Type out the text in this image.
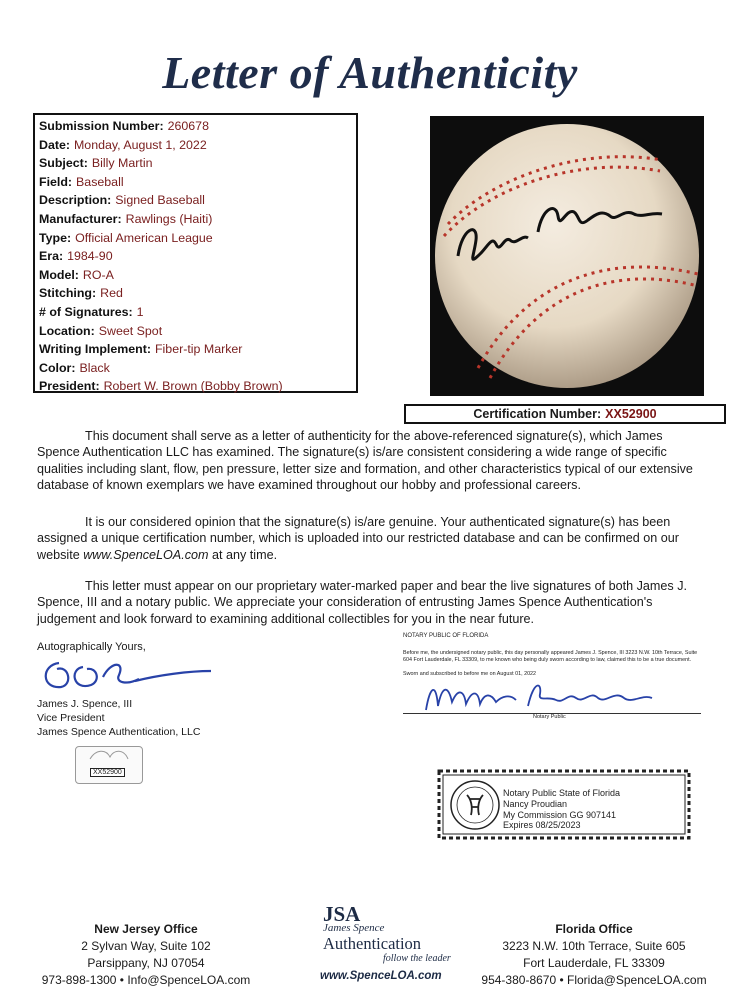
Letter of Authenticity
Submission Number: 260678
Date: Monday, August 1, 2022
Subject: Billy Martin
Field: Baseball
Description: Signed Baseball
Manufacturer: Rawlings (Haiti)
Type: Official American League
Era: 1984-90
Model: RO-A
Stitching: Red
# of Signatures: 1
Location: Sweet Spot
Writing Implement: Fiber-tip Marker
Color: Black
President: Robert W. Brown (Bobby Brown)
Certification Number: XX52900
This document shall serve as a letter of authenticity for the above-referenced signature(s), which James Spence Authentication LLC has examined. The signature(s) is/are consistent considering a wide range of specific qualities including slant, flow, pen pressure, letter size and formation, and other characteristics typical of our extensive database of known exemplars we have examined throughout our hobby and professional careers.
It is our considered opinion that the signature(s) is/are genuine. Your authenticated signature(s) has been assigned a unique certification number, which is uploaded into our restricted database and can be confirmed on our website www.SpenceLOA.com at any time.
This letter must appear on our proprietary water-marked paper and bear the live signatures of both James J. Spence, III and a notary public. We appreciate your consideration of entrusting James Spence Authentication's judgement and look forward to examining additional collectibles for you in the near future.
Autographically Yours,
James J. Spence, III
Vice President
James Spence Authentication, LLC
XX52900
NOTARY PUBLIC OF FLORIDA
Before me, the undersigned notary public, this day personally appeared James J. Spence, III 3223 N.W. 10th Terrace, Suite 604 Fort Lauderdale, FL 33309, to me known who being duly sworn according to law, claimed this to be a true document.
Sworn and subscribed to before me on August 01, 2022
Notary Public
Notary Public State of Florida
Nancy Proudian
My Commission GG 907141
Expires 08/25/2023
New Jersey Office
2 Sylvan Way, Suite 102
Parsippany, NJ 07054
973-898-1300 • Info@SpenceLOA.com
JSA
James Spence
Authentication
follow the leader
www.SpenceLOA.com
Florida Office
3223 N.W. 10th Terrace, Suite 605
Fort Lauderdale, FL 33309
954-380-8670 • Florida@SpenceLOA.com
